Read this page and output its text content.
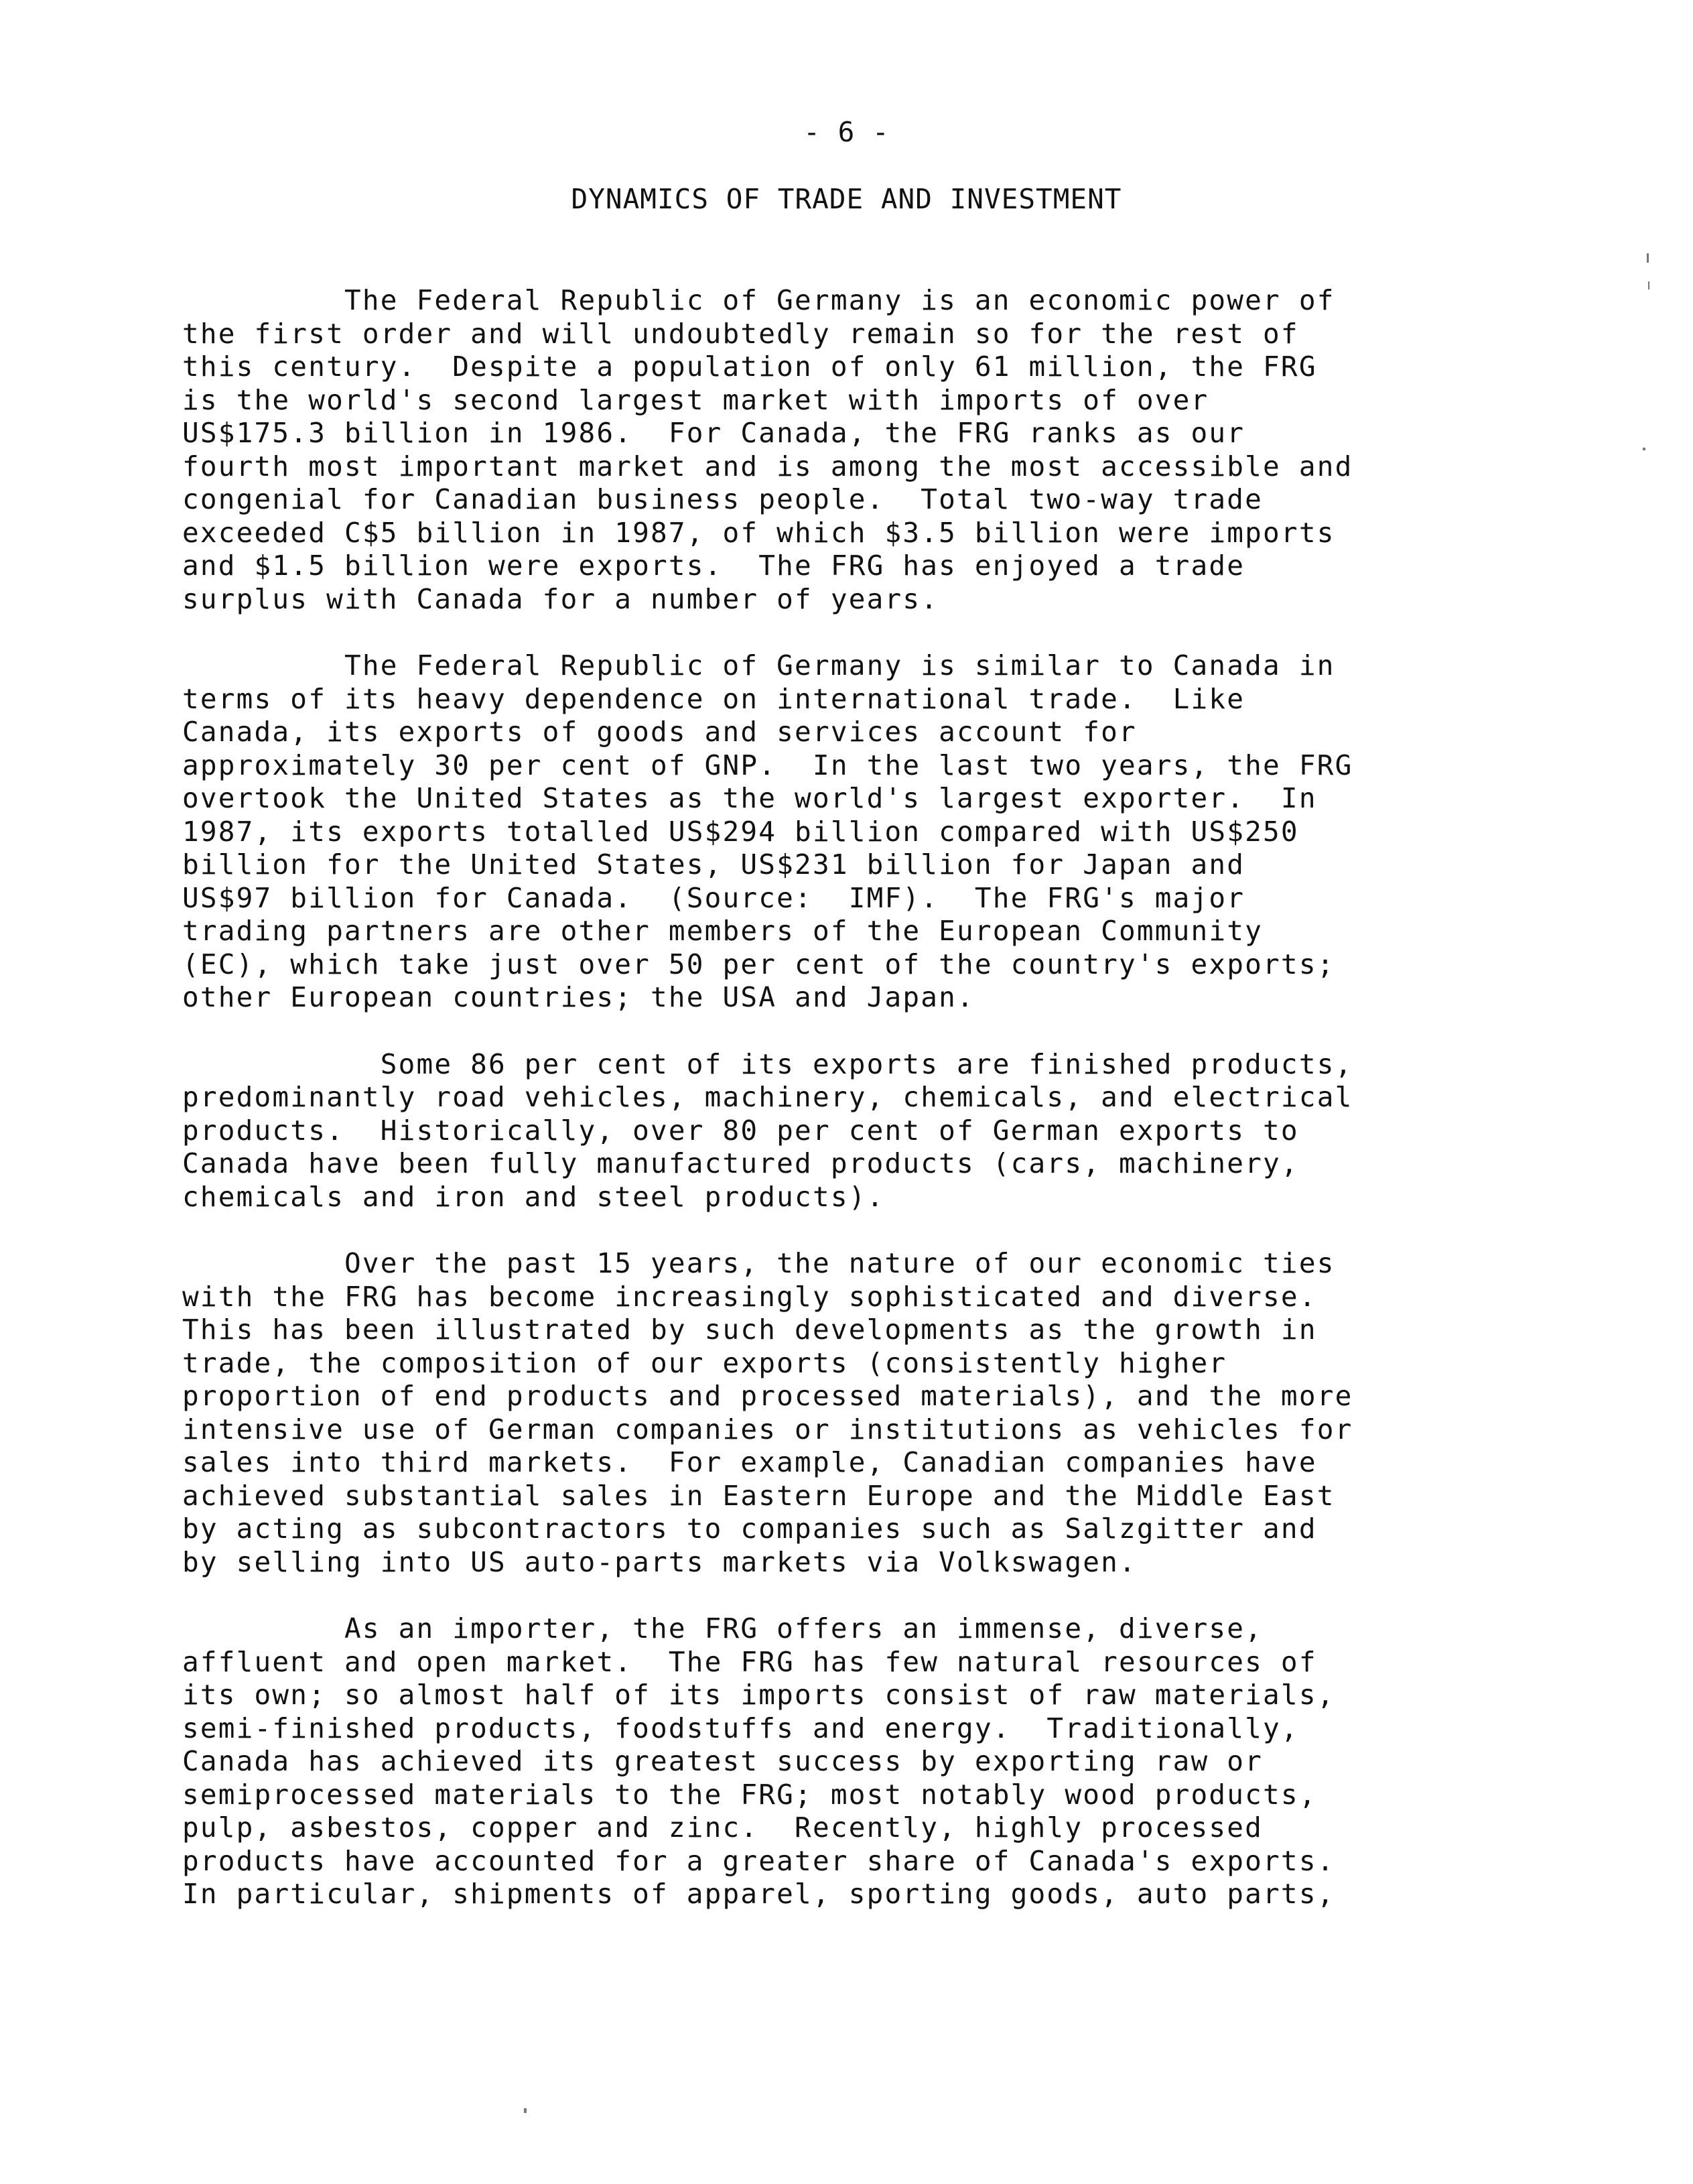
- 6 -
DYNAMICS OF TRADE AND INVESTMENT
The Federal Republic of Germany is an economic power of
the first order and will undoubtedly remain so for the rest of
this century.  Despite a population of only 61 million, the FRG
is the world's second largest market with imports of over
US$175.3 billion in 1986.  For Canada, the FRG ranks as our
fourth most important market and is among the most accessible and
congenial for Canadian business people.  Total two-way trade
exceeded C$5 billion in 1987, of which $3.5 billion were imports
and $1.5 billion were exports.  The FRG has enjoyed a trade
surplus with Canada for a number of years.
The Federal Republic of Germany is similar to Canada in
terms of its heavy dependence on international trade.  Like
Canada, its exports of goods and services account for
approximately 30 per cent of GNP.  In the last two years, the FRG
overtook the United States as the world's largest exporter.  In
1987, its exports totalled US$294 billion compared with US$250
billion for the United States, US$231 billion for Japan and
US$97 billion for Canada.  (Source:  IMF).  The FRG's major
trading partners are other members of the European Community
(EC), which take just over 50 per cent of the country's exports;
other European countries; the USA and Japan.
Some 86 per cent of its exports are finished products,
predominantly road vehicles, machinery, chemicals, and electrical
products.  Historically, over 80 per cent of German exports to
Canada have been fully manufactured products (cars, machinery,
chemicals and iron and steel products).
Over the past 15 years, the nature of our economic ties
with the FRG has become increasingly sophisticated and diverse.
This has been illustrated by such developments as the growth in
trade, the composition of our exports (consistently higher
proportion of end products and processed materials), and the more
intensive use of German companies or institutions as vehicles for
sales into third markets.  For example, Canadian companies have
achieved substantial sales in Eastern Europe and the Middle East
by acting as subcontractors to companies such as Salzgitter and
by selling into US auto-parts markets via Volkswagen.
As an importer, the FRG offers an immense, diverse,
affluent and open market.  The FRG has few natural resources of
its own; so almost half of its imports consist of raw materials,
semi-finished products, foodstuffs and energy.  Traditionally,
Canada has achieved its greatest success by exporting raw or
semiprocessed materials to the FRG; most notably wood products,
pulp, asbestos, copper and zinc.  Recently, highly processed
products have accounted for a greater share of Canada's exports.
In particular, shipments of apparel, sporting goods, auto parts,
